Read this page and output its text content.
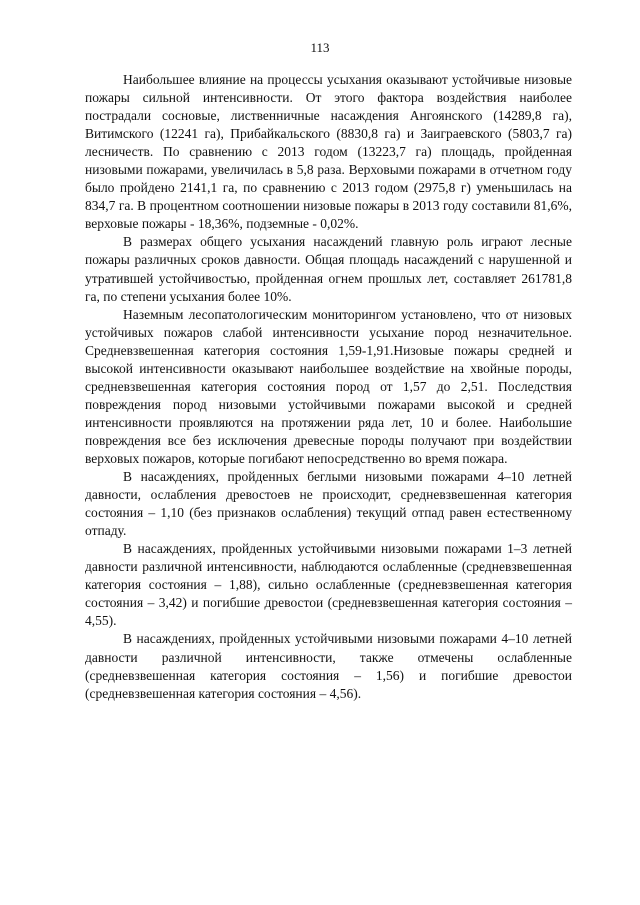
113

Наибольшее влияние на процессы усыхания оказывают устойчивые низовые пожары сильной интенсивности. От этого фактора воздействия наиболее пострадали сосновые, лиственничные насаждения Ангоянского (14289,8 га), Витимского (12241 га), Прибайкальского (8830,8 га) и Заиграевского (5803,7 га) лесничеств. По сравнению с 2013 годом (13223,7 га) площадь, пройденная низовыми пожарами, увеличилась в 5,8 раза. Верховыми пожарами в отчетном году было пройдено 2141,1 га, по сравнению с 2013 годом (2975,8 г) уменьшилась на 834,7 га. В процентном соотношении низовые пожары в 2013 году составили 81,6%, верховые пожары - 18,36%, подземные - 0,02%.

В размерах общего усыхания насаждений главную роль играют лесные пожары различных сроков давности. Общая площадь насаждений с нарушенной и утратившей устойчивостью, пройденная огнем прошлых лет, составляет 261781,8 га, по степени усыхания более 10%.

Наземным лесопатологическим мониторингом установлено, что от низовых устойчивых пожаров слабой интенсивности усыхание пород незначительное. Средневзвешенная категория состояния 1,59-1,91.Низовые пожары средней и высокой интенсивности оказывают наибольшее воздействие на хвойные породы, средневзвешенная категория состояния пород от 1,57 до 2,51. Последствия повреждения пород низовыми устойчивыми пожарами высокой и средней интенсивности проявляются на протяжении ряда лет, 10 и более. Наибольшие повреждения все без исключения древесные породы получают при воздействии верховых пожаров, которые погибают непосредственно во время пожара.

В насаждениях, пройденных беглыми низовыми пожарами 4–10 летней давности, ослабления древостоев не происходит, средневзвешенная категория состояния – 1,10 (без признаков ослабления) текущий отпад равен естественному отпаду.

В насаждениях, пройденных устойчивыми низовыми пожарами 1–3 летней давности различной интенсивности, наблюдаются ослабленные (средневзвешенная категория состояния – 1,88), сильно ослабленные (средневзвешенная категория состояния – 3,42) и погибшие древостои (средневзвешенная категория состояния – 4,55).

В насаждениях, пройденных устойчивыми низовыми пожарами 4–10 летней давности различной интенсивности, также отмечены ослабленные (средневзвешенная категория состояния – 1,56) и погибшие древостои (средневзвешенная категория состояния – 4,56).
